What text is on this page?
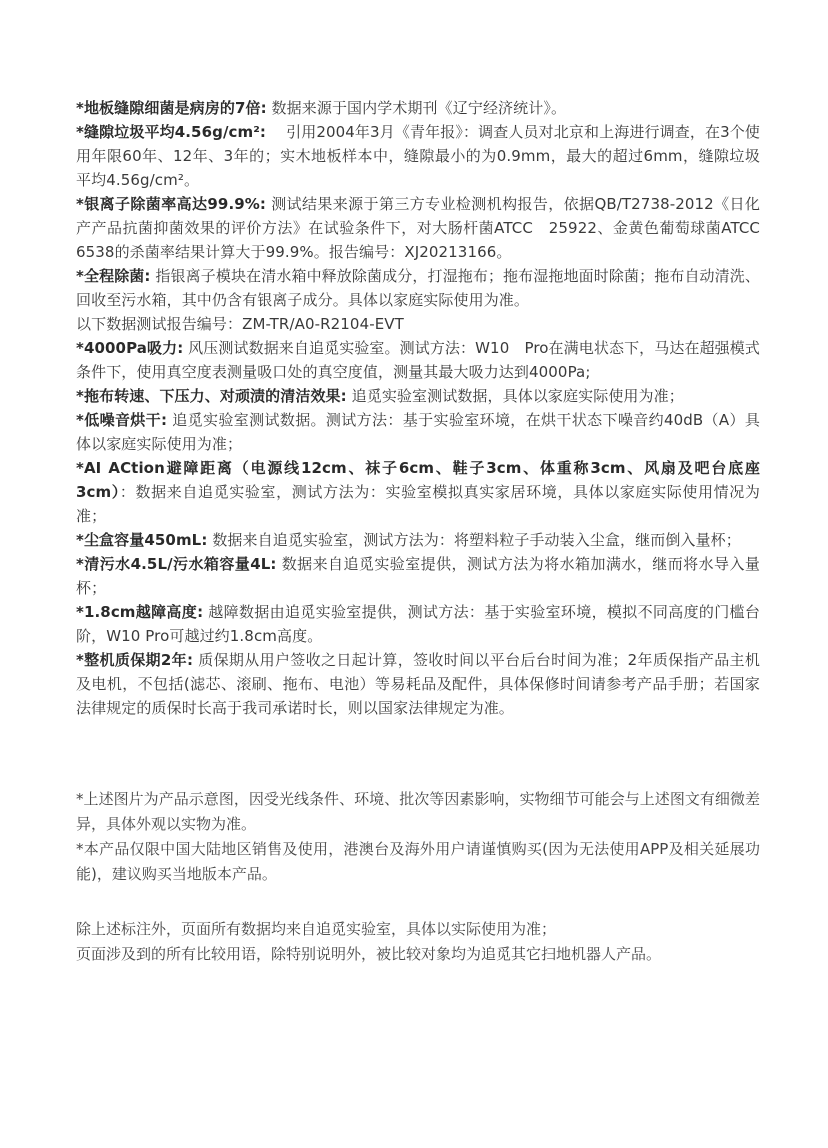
*地板缝隙细菌是病房的7倍: 数据来源于国内学术期刊《辽宁经济统计》。

*缝隙垃圾平均4.56g/cm²:　 引用2004年3月《青年报》：调查人员对北京和上海进行调查，在3个使用年限60年、12年、3年的；实木地板样本中，缝隙最小的为0.9mm，最大的超过6mm，缝隙垃圾平均4.56g/cm²。

*银离子除菌率高达99.9%: 测试结果来源于第三方专业检测机构报告，依据QB/T2738-2012《日化产产品抗菌抑菌效果的评价方法》在试验条件下，对大肠杆菌ATCC　25922、金黄色葡萄球菌ATCC　6538的杀菌率结果计算大于99.9%。报告编号：XJ20213166。

*全程除菌: 指银离子模块在清水箱中释放除菌成分，打湿拖布；拖布湿拖地面时除菌；拖布自动清洗、回收至污水箱，其中仍含有银离子成分。具体以家庭实际使用为准。

以下数据测试报告编号：ZM-TR/A0-R2104-EVT

*4000Pa吸力: 风压测试数据来自追觅实验室。测试方法：W10　Pro在满电状态下，马达在超强模式条件下，使用真空度表测量吸口处的真空度值，测量其最大吸力达到4000Pa;

*拖布转速、下压力、对顽渍的清洁效果: 追觅实验室测试数据，具体以家庭实际使用为准；

*低噪音烘干: 追觅实验室测试数据。测试方法：基于实验室环境，在烘干状态下噪音约40dB（A）具体以家庭实际使用为准；

*AI ACtion避障距离（电源线12cm、袜子6cm、鞋子3cm、体重称3cm、风扇及吧台底座3cm）：数据来自追觅实验室，测试方法为：实验室模拟真实家居环境，具体以家庭实际使用情况为准；

*尘盒容量450mL: 数据来自追觅实验室，测试方法为：将塑料粒子手动装入尘盒，继而倒入量杯；

*清污水4.5L/污水箱容量4L: 数据来自追觅实验室提供，测试方法为将水箱加满水，继而将水导入量杯；

*1.8cm越障高度: 越障数据由追觅实验室提供，测试方法：基于实验室环境，模拟不同高度的门槛台阶，W10 Pro可越过约1.8cm高度。

*整机质保期2年: 质保期从用户签收之日起计算，签收时间以平台后台时间为准；2年质保指产品主机及电机，不包括(滤芯、滚刷、拖布、电池）等易耗品及配件，具体保修时间请参考产品手册；若国家法律规定的质保时长高于我司承诺时长，则以国家法律规定为准。

*上述图片为产品示意图，因受光线条件、环境、批次等因素影响，实物细节可能会与上述图文有细微差异，具体外观以实物为准。

*本产品仅限中国大陆地区销售及使用，港澳台及海外用户请谨慎购买(因为无法使用APP及相关延展功能)，建议购买当地版本产品。

除上述标注外，页面所有数据均来自追觅实验室，具体以实际使用为准；

页面涉及到的所有比较用语，除特别说明外，被比较对象均为追觅其它扫地机器人产品。
